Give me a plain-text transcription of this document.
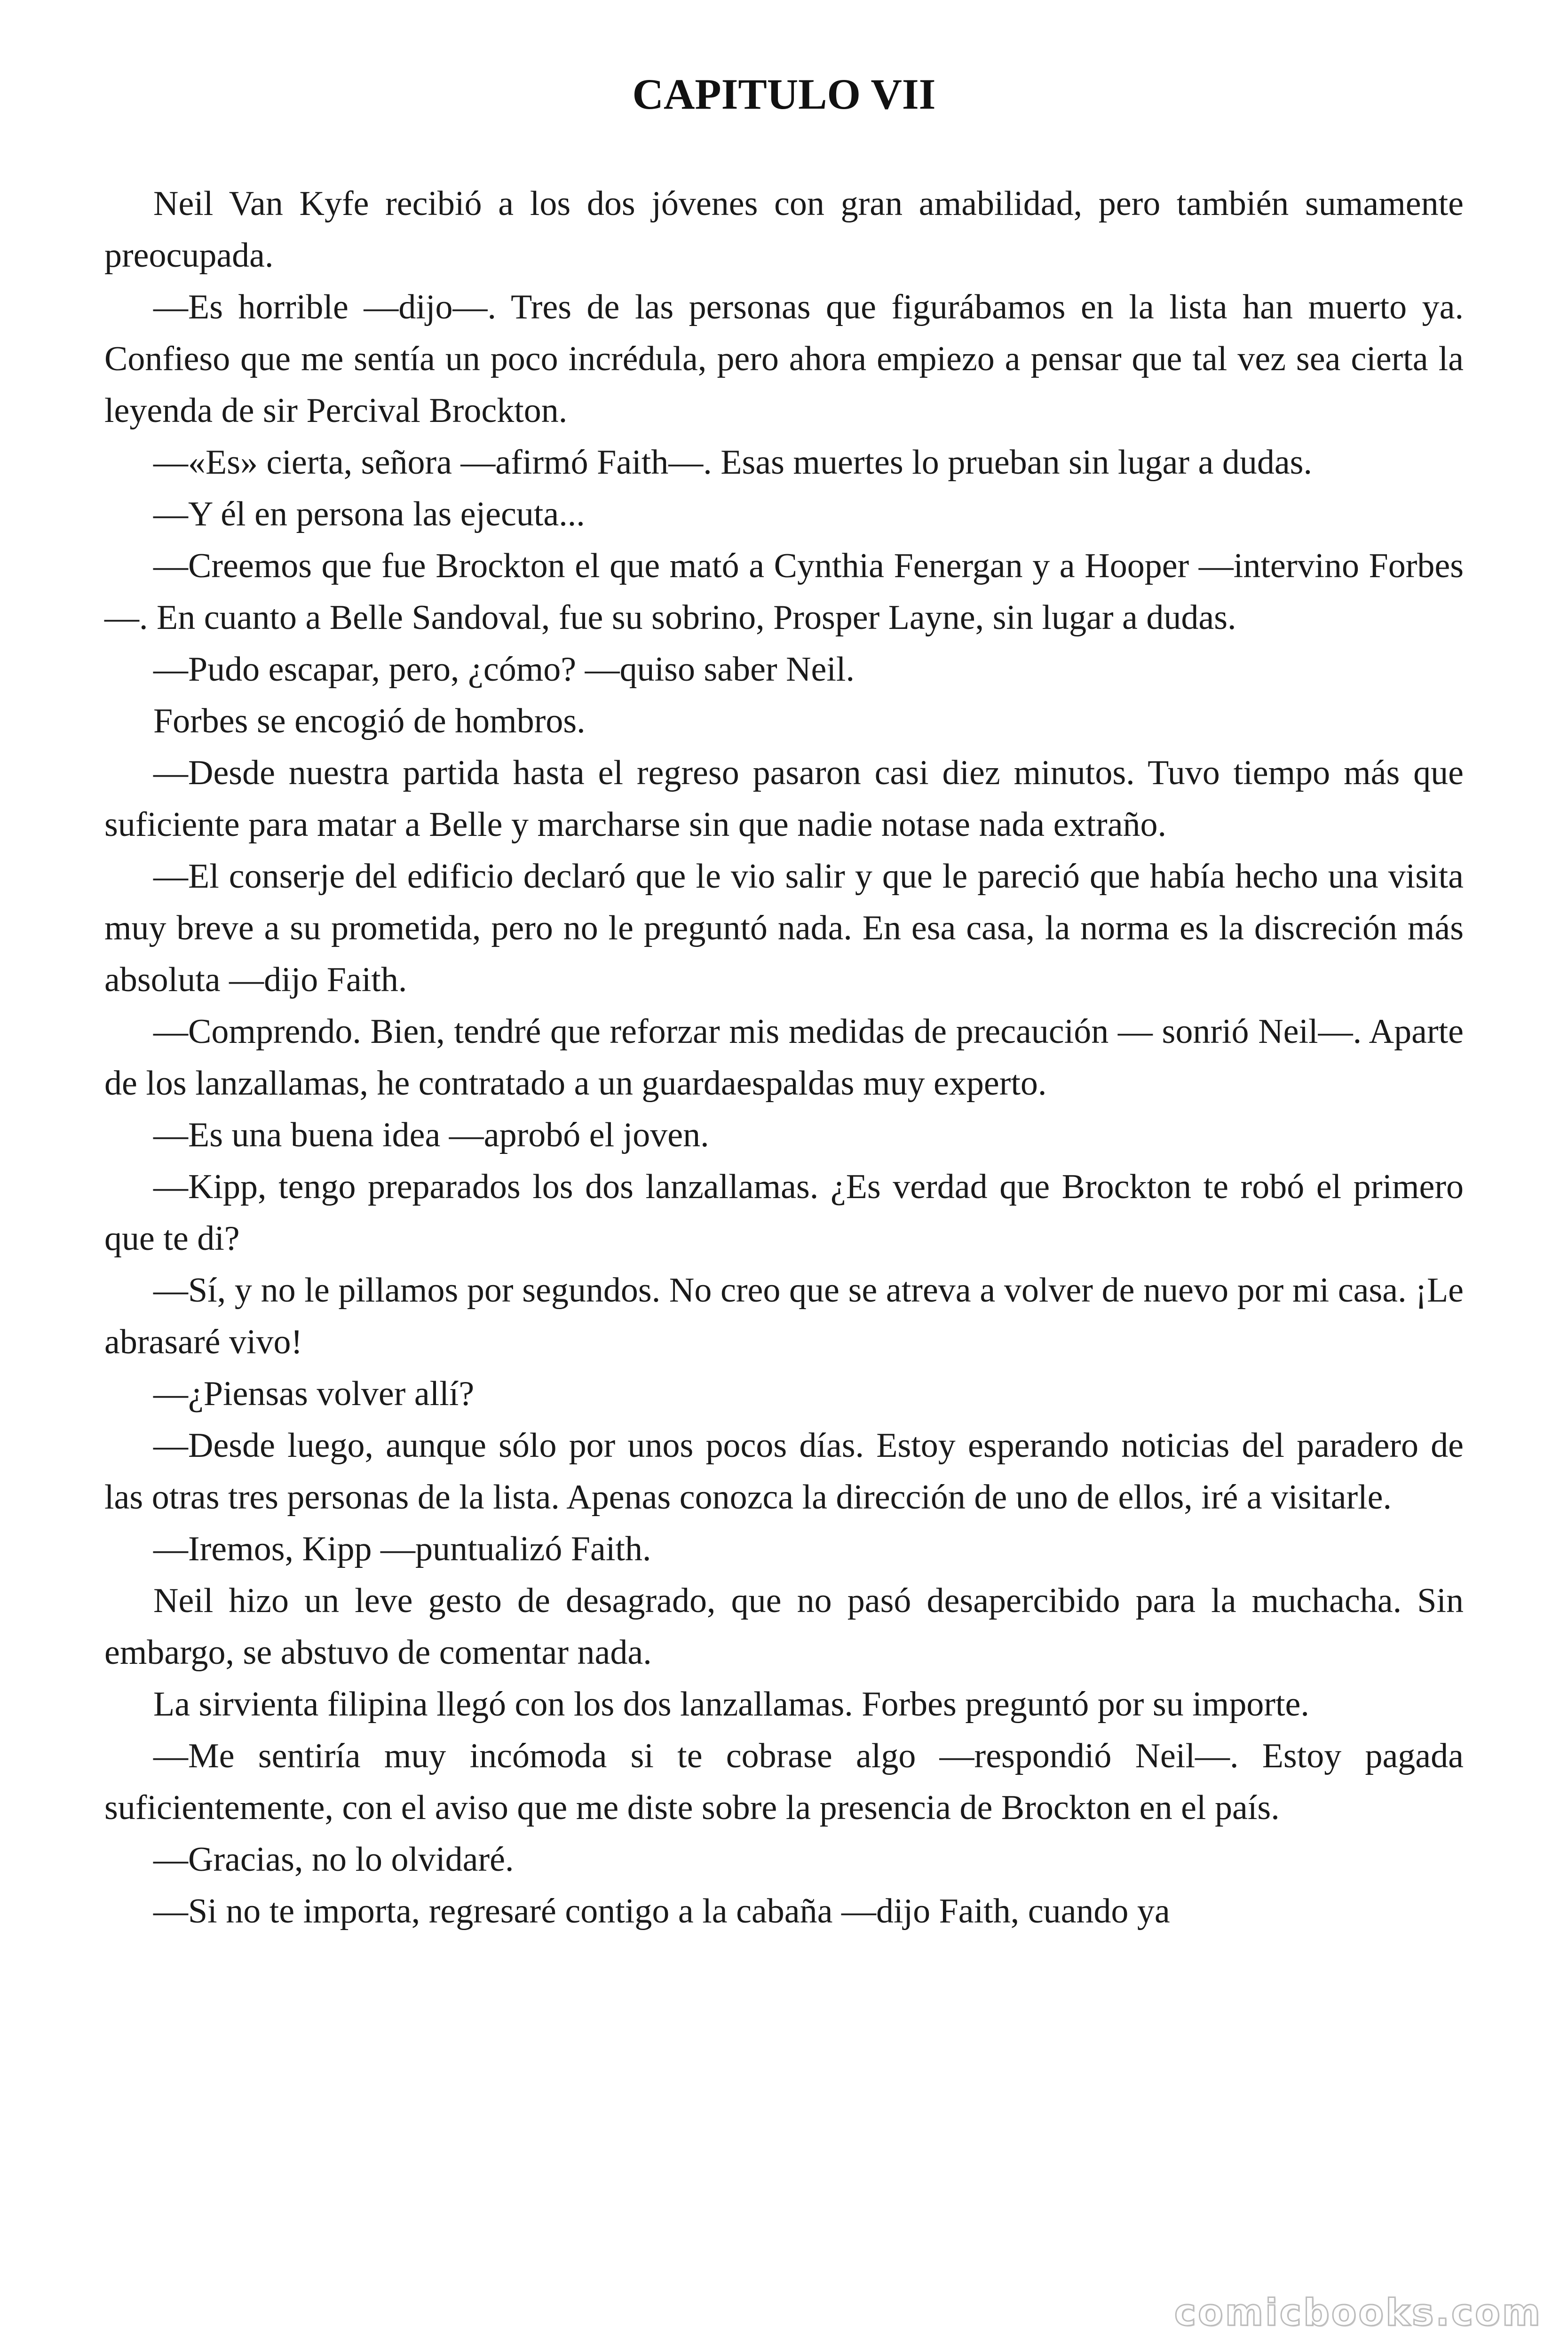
CAPITULO VII

Neil Van Kyfe recibió a los dos jóvenes con gran amabilidad, pero también sumamente preocupada.

—Es horrible —dijo—. Tres de las personas que figurábamos en la lista han muerto ya. Confieso que me sentía un poco incrédula, pero ahora empiezo a pensar que tal vez sea cierta la leyenda de sir Percival Brockton.

—«Es» cierta, señora —afirmó Faith—. Esas muertes lo prueban sin lugar a dudas.

—Y él en persona las ejecuta...

—Creemos que fue Brockton el que mató a Cynthia Fenergan y a Hooper —intervino Forbes—. En cuanto a Belle Sandoval, fue su sobrino, Prosper Layne, sin lugar a dudas.

—Pudo escapar, pero, ¿cómo? —quiso saber Neil.

Forbes se encogió de hombros.

—Desde nuestra partida hasta el regreso pasaron casi diez minutos. Tuvo tiempo más que suficiente para matar a Belle y marcharse sin que nadie notase nada extraño.

—El conserje del edificio declaró que le vio salir y que le pareció que había hecho una visita muy breve a su prometida, pero no le preguntó nada. En esa casa, la norma es la discreción más absoluta —dijo Faith.

—Comprendo. Bien, tendré que reforzar mis medidas de precaución — sonrió Neil—. Aparte de los lanzallamas, he contratado a un guardaespaldas muy experto.

—Es una buena idea —aprobó el joven.

—Kipp, tengo preparados los dos lanzallamas. ¿Es verdad que Brockton te robó el primero que te di?

—Sí, y no le pillamos por segundos. No creo que se atreva a volver de nuevo por mi casa. ¡Le abrasaré vivo!

—¿Piensas volver allí?

—Desde luego, aunque sólo por unos pocos días. Estoy esperando noticias del paradero de las otras tres personas de la lista. Apenas conozca la dirección de uno de ellos, iré a visitarle.

—Iremos, Kipp —puntualizó Faith.

Neil hizo un leve gesto de desagrado, que no pasó desapercibido para la muchacha. Sin embargo, se abstuvo de comentar nada.

La sirvienta filipina llegó con los dos lanzallamas. Forbes preguntó por su importe.

—Me sentiría muy incómoda si te cobrase algo —respondió Neil—. Estoy pagada suficientemente, con el aviso que me diste sobre la presencia de Brockton en el país.

—Gracias, no lo olvidaré.

—Si no te importa, regresaré contigo a la cabaña —dijo Faith, cuando ya

comicbooks.com
